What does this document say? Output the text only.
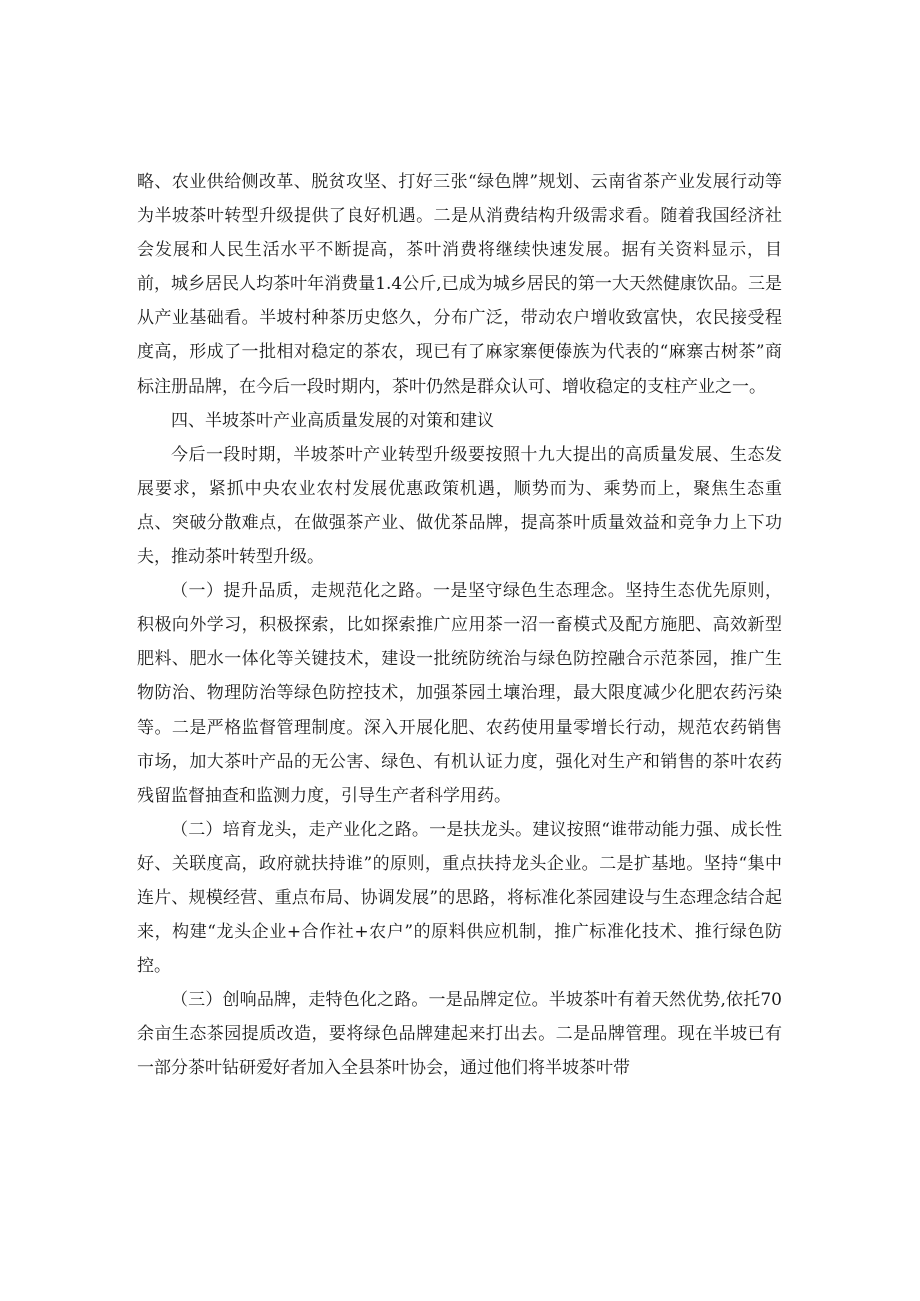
略、农业供给侧改革、脱贫攻坚、打好三张“绿色牌”规划、云南省茶产业发展行动等为半坡茶叶转型升级提供了良好机遇。二是从消费结构升级需求看。随着我国经济社会发展和人民生活水平不断提高，茶叶消费将继续快速发展。据有关资料显示，目前，城乡居民人均茶叶年消费量1.4公斤,已成为城乡居民的第一大天然健康饮品。三是从产业基础看。半坡村种茶历史悠久，分布广泛，带动农户增收致富快，农民接受程度高，形成了一批相对稳定的茶农，现已有了麻家寨便傣族为代表的“麻寨古树茶”商标注册品牌，在今后一段时期内，茶叶仍然是群众认可、增收稳定的支柱产业之一。

四、半坡茶叶产业高质量发展的对策和建议

今后一段时期，半坡茶叶产业转型升级要按照十九大提出的高质量发展、生态发展要求，紧抓中央农业农村发展优惠政策机遇，顺势而为、乘势而上，聚焦生态重点、突破分散难点，在做强茶产业、做优茶品牌，提高茶叶质量效益和竞争力上下功夫，推动茶叶转型升级。

（一）提升品质，走规范化之路。一是坚守绿色生态理念。坚持生态优先原则，积极向外学习，积极探索，比如探索推广应用茶一沼一畜模式及配方施肥、高效新型肥料、肥水一体化等关键技术，建设一批统防统治与绿色防控融合示范茶园，推广生物防治、物理防治等绿色防控技术，加强茶园土壤治理，最大限度减少化肥农药污染等。二是严格监督管理制度。深入开展化肥、农药使用量零增长行动，规范农药销售市场，加大茶叶产品的无公害、绿色、有机认证力度，强化对生产和销售的茶叶农药残留监督抽查和监测力度，引导生产者科学用药。

（二）培育龙头，走产业化之路。一是扶龙头。建议按照“谁带动能力强、成长性好、关联度高，政府就扶持谁”的原则，重点扶持龙头企业。二是扩基地。坚持“集中连片、规模经营、重点布局、协调发展”的思路，将标准化茶园建设与生态理念结合起来，构建“龙头企业+合作社+农户”的原料供应机制，推广标准化技术、推行绿色防控。

（三）创响品牌，走特色化之路。一是品牌定位。半坡茶叶有着天然优势,依托70余亩生态茶园提质改造，要将绿色品牌建起来打出去。二是品牌管理。现在半坡已有一部分茶叶钻研爱好者加入全县茶叶协会，通过他们将半坡茶叶带
